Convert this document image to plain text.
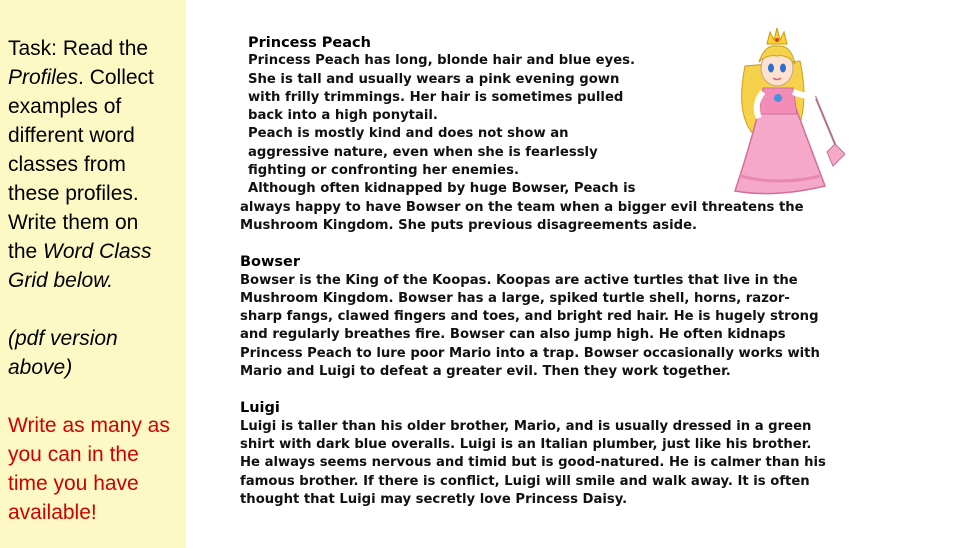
Task: Read the

Profiles. Collect

examples of

different word

classes from

these profiles.

Write them on

the Word Class

Grid below.

(pdf version

above)

Write as many as

you can in the

time you have

available!

Princess Peach
Princess Peach has long, blonde hair and blue eyes.
She is tall and usually wears a pink evening gown
with frilly trimmings. Her hair is sometimes pulled
back into a high ponytail.
Peach is mostly kind and does not show an
aggressive nature, even when she is fearlessly
fighting or confronting her enemies.
Although often kidnapped by huge Bowser, Peach is
always happy to have Bowser on the team when a bigger evil threatens the
Mushroom Kingdom. She puts previous disagreements aside.
Bowser
Bowser is the King of the Koopas. Koopas are active turtles that live in the
Mushroom Kingdom. Bowser has a large, spiked turtle shell, horns, razor-
sharp fangs, clawed fingers and toes, and bright red hair. He is hugely strong
and regularly breathes fire. Bowser can also jump high. He often kidnaps
Princess Peach to lure poor Mario into a trap. Bowser occasionally works with
Mario and Luigi to defeat a greater evil. Then they work together.
Luigi
Luigi is taller than his older brother, Mario, and is usually dressed in a green
shirt with dark blue overalls. Luigi is an Italian plumber, just like his brother.
He always seems nervous and timid but is good-natured. He is calmer than his
famous brother. If there is conflict, Luigi will smile and walk away. It is often
thought that Luigi may secretly love Princess Daisy.
